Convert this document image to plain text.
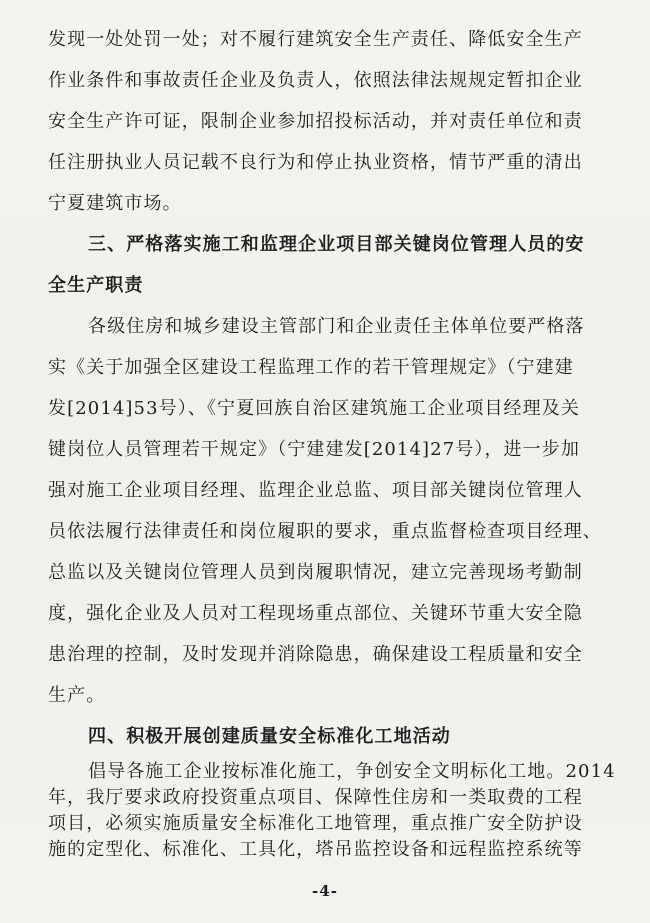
发现一处处罚一处；对不履行建筑安全生产责任、降低安全生产
作业条件和事故责任企业及负责人，依照法律法规规定暂扣企业
安全生产许可证，限制企业参加招投标活动，并对责任单位和责
任注册执业人员记载不良行为和停止执业资格，情节严重的清出
宁夏建筑市场。
三、严格落实施工和监理企业项目部关键岗位管理人员的安
全生产职责
各级住房和城乡建设主管部门和企业责任主体单位要严格落
实《关于加强全区建设工程监理工作的若干管理规定》（宁建建
发[2014]53号）、《宁夏回族自治区建筑施工企业项目经理及关
键岗位人员管理若干规定》（宁建建发[2014]27号），进一步加
强对施工企业项目经理、监理企业总监、项目部关键岗位管理人
员依法履行法律责任和岗位履职的要求，重点监督检查项目经理、
总监以及关键岗位管理人员到岗履职情况，建立完善现场考勤制
度，强化企业及人员对工程现场重点部位、关键环节重大安全隐
患治理的控制，及时发现并消除隐患，确保建设工程质量和安全
生产。
四、积极开展创建质量安全标准化工地活动
倡导各施工企业按标准化施工，争创安全文明标化工地。2014
年，我厅要求政府投资重点项目、保障性住房和一类取费的工程
项目，必须实施质量安全标准化工地管理，重点推广安全防护设
施的定型化、标准化、工具化，塔吊监控设备和远程监控系统等
-4-
